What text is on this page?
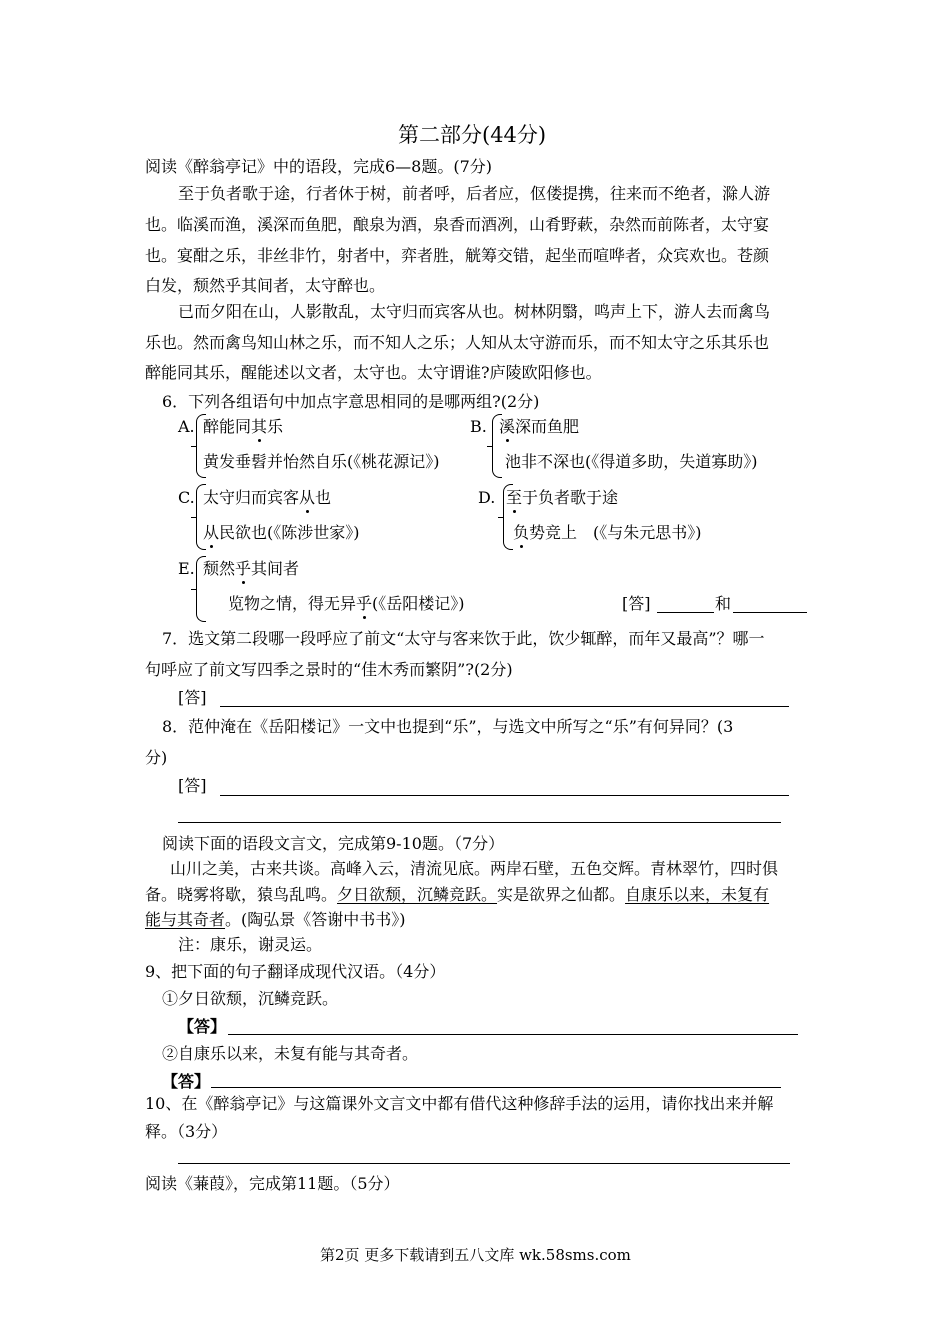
第二部分(44分)
阅读《醉翁亭记》中的语段，完成6—8题。(7分)
至于负者歌于途，行者休于树，前者呼，后者应，伛偻提携，往来而不绝者，滁人游
也。临溪而渔，溪深而鱼肥，酿泉为酒，泉香而酒冽，山肴野蔌，杂然而前陈者，太守宴
也。宴酣之乐，非丝非竹，射者中，弈者胜，觥筹交错，起坐而喧哗者，众宾欢也。苍颜
白发，颓然乎其间者，太守醉也。
已而夕阳在山，人影散乱，太守归而宾客从也。树林阴翳，鸣声上下，游人去而禽鸟
乐也。然而禽鸟知山林之乐，而不知人之乐；人知从太守游而乐，而不知太守之乐其乐也
醉能同其乐，醒能述以文者，太守也。太守谓谁?庐陵欧阳修也。
6．下列各组语句中加点字意思相同的是哪两组?(2分)
A. 醉能同其乐
黄发垂髫并怡然自乐(《桃花源记》)
B. 溪深而鱼肥
池非不深也(《得道多助，失道寡助》)
C. 太守归而宾客从也
从民欲也(《陈涉世家》)
D. 至于负者歌于途
负势竞上　(《与朱元思书》)
E. 颓然乎其间者
览物之情，得无异乎(《岳阳楼记》)	[答]	和
7．选文第二段哪一段呼应了前文“太守与客来饮于此，饮少辄醉，而年又最高”？哪一
句呼应了前文写四季之景时的“佳木秀而繁阴”?(2分)
[答]
8．范仲淹在《岳阳楼记》一文中也提到“乐”，与选文中所写之“乐”有何异同？(3
分)
[答]
阅读下面的语段文言文，完成第9-10题。（7分）
山川之美，古来共谈。高峰入云，清流见底。两岸石壁，五色交辉。青林翠竹，四时俱
备。晓雾将歇，猿鸟乱鸣。夕日欲颓，沉鳞竞跃。实是欲界之仙都。自康乐以来，未复有
能与其奇者。(陶弘景《答谢中书书》)
注：康乐，谢灵运。
9、把下面的句子翻译成现代汉语。（4分）
①夕日欲颓，沉鳞竞跃。
【答】
②自康乐以来，未复有能与其奇者。
【答】
10、在《醉翁亭记》与这篇课外文言文中都有借代这种修辞手法的运用，请你找出来并解
释。（3分）
阅读《蒹葭》，完成第11题。（5分）
第2页 更多下载请到五八文库 wk.58sms.com
